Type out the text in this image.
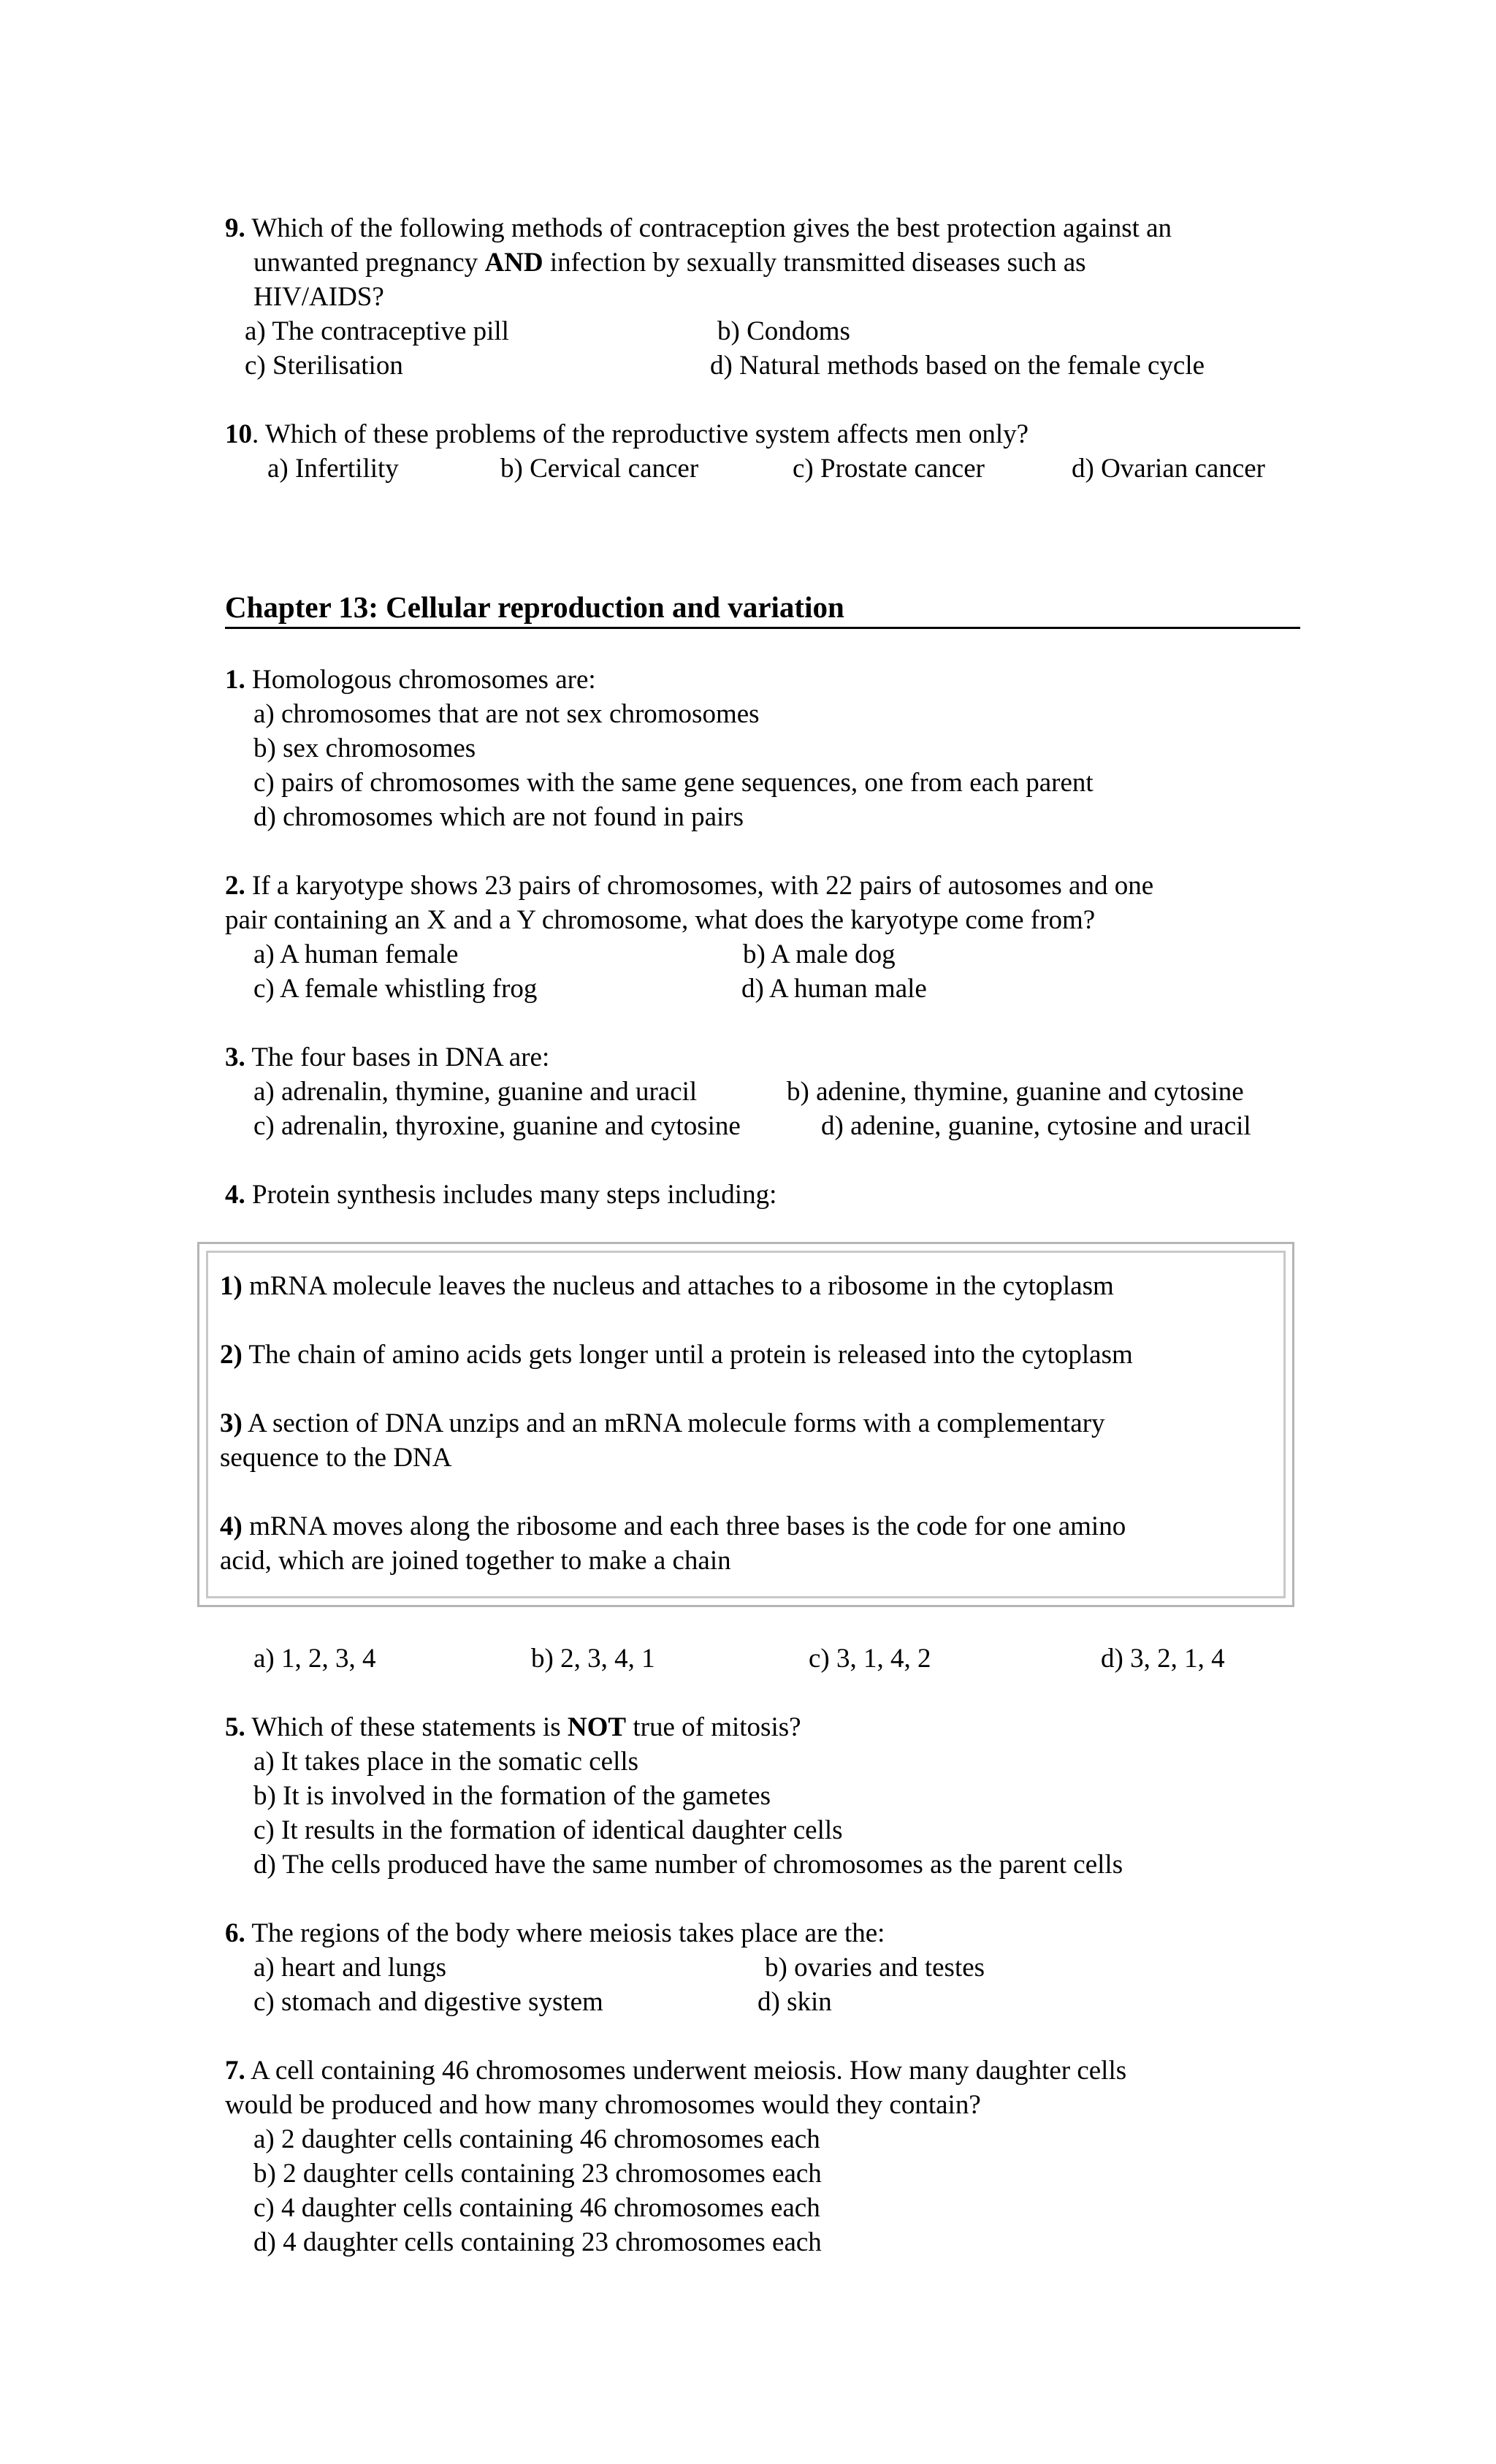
9. Which of the following methods of contraception gives the best protection against an
unwanted pregnancy AND infection by sexually transmitted diseases such as
HIV/AIDS?
a) The contraceptive pill	b) Condoms
c) Sterilisation	d) Natural methods based on the female cycle
10. Which of these problems of the reproductive system affects men only?
a) Infertility	b) Cervical cancer	c) Prostate cancer	d) Ovarian cancer
Chapter 13: Cellular reproduction and variation
1. Homologous chromosomes are:
a) chromosomes that are not sex chromosomes
b) sex chromosomes
c) pairs of chromosomes with the same gene sequences, one from each parent
d) chromosomes which are not found in pairs
2. If a karyotype shows 23 pairs of chromosomes, with 22 pairs of autosomes and one
pair containing an X and a Y chromosome, what does the karyotype come from?
a) A human female	b) A male dog
c) A female whistling frog	d) A human male
3. The four bases in DNA are:
a) adrenalin, thymine, guanine and uracil	b) adenine, thymine, guanine and cytosine
c) adrenalin, thyroxine, guanine and cytosine	d) adenine, guanine, cytosine and uracil
4. Protein synthesis includes many steps including:
1) mRNA molecule leaves the nucleus and attaches to a ribosome in the cytoplasm
2) The chain of amino acids gets longer until a protein is released into the cytoplasm
3) A section of DNA unzips and an mRNA molecule forms with a complementary
sequence to the DNA
4) mRNA moves along the ribosome and each three bases is the code for one amino
acid, which are joined together to make a chain
a) 1, 2, 3, 4	b) 2, 3, 4, 1	c) 3, 1, 4, 2	d) 3, 2, 1, 4
5. Which of these statements is NOT true of mitosis?
a) It takes place in the somatic cells
b) It is involved in the formation of the gametes
c) It results in the formation of identical daughter cells
d) The cells produced have the same number of chromosomes as the parent cells
6. The regions of the body where meiosis takes place are the:
a) heart and lungs	b) ovaries and testes
c) stomach and digestive system	d) skin
7. A cell containing 46 chromosomes underwent meiosis. How many daughter cells
would be produced and how many chromosomes would they contain?
a) 2 daughter cells containing 46 chromosomes each
b) 2 daughter cells containing 23 chromosomes each
c) 4 daughter cells containing 46 chromosomes each
d) 4 daughter cells containing 23 chromosomes each
